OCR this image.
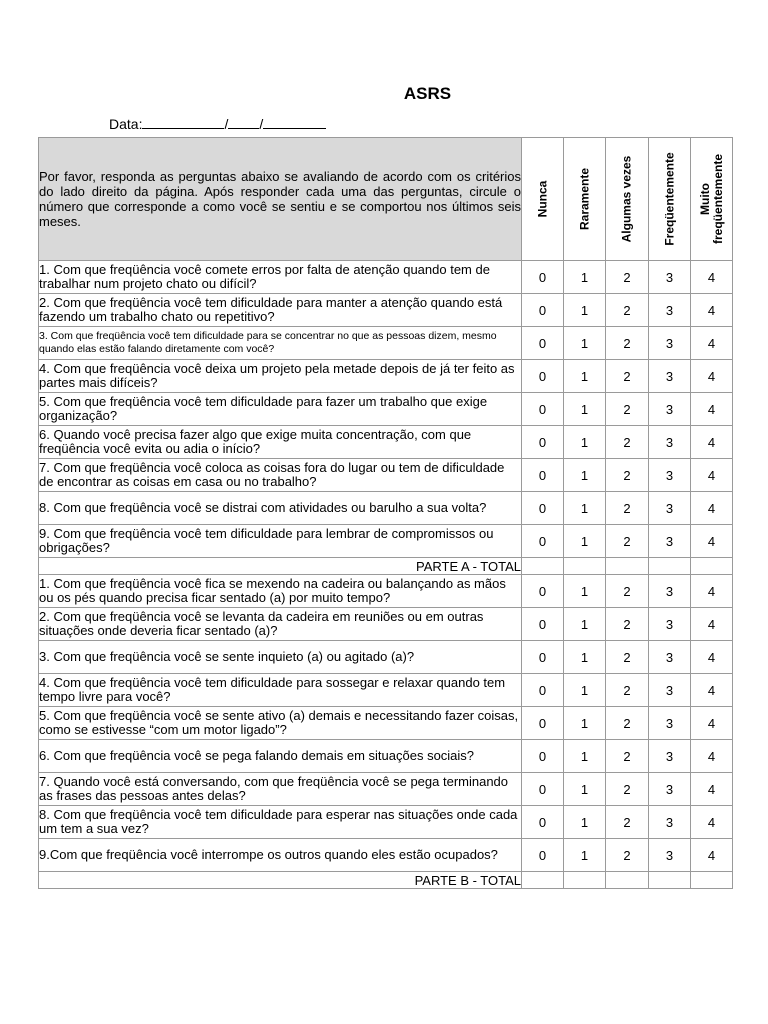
ASRS
Data:	/ /
Por favor, responda as perguntas abaixo se avaliando de acordo com os critérios do lado direito da página. Após responder cada uma das perguntas, circule o número que corresponde a como você se sentiu e se comportou nos últimos seis meses.	Nunca	Raramente	Algumas vezes	Freqüentemente	Muito
freqüentemente

1. Com que freqüência você comete erros por falta de atenção quando tem de trabalhar num projeto chato ou difícil?	0	1	2	3	4
2. Com que freqüência você tem dificuldade para manter a atenção quando está fazendo um trabalho chato ou repetitivo?	0	1	2	3	4
3. Com que freqüência você tem dificuldade para se concentrar no que as pessoas dizem, mesmo quando elas estão falando diretamente com você?	0	1	2	3	4
4. Com que freqüência você deixa um projeto pela metade depois de já ter feito as partes mais difíceis?	0	1	2	3	4
5. Com que freqüência você tem dificuldade para fazer um trabalho que exige organização?	0	1	2	3	4
6. Quando você precisa fazer algo que exige muita concentração, com que freqüência você evita ou adia o início?	0	1	2	3	4
7. Com que freqüência você coloca as coisas fora do lugar ou tem de dificuldade de encontrar as coisas em casa ou no trabalho?	0	1	2	3	4
8. Com que freqüência você se distrai com atividades ou barulho a sua volta?	0	1	2	3	4
9. Com que freqüência você tem dificuldade para lembrar de compromissos ou obrigações?	0	1	2	3	4
PARTE A - TOTAL					
1. Com que freqüência você fica se mexendo na cadeira ou balançando as mãos ou os pés quando precisa ficar sentado (a) por muito tempo?	0	1	2	3	4
2. Com que freqüência você se levanta da cadeira em reuniões ou em outras situações onde deveria ficar sentado (a)?	0	1	2	3	4
3. Com que freqüência você se sente inquieto (a) ou agitado (a)?	0	1	2	3	4
4. Com que freqüência você tem dificuldade para sossegar e relaxar quando tem tempo livre para você?	0	1	2	3	4
5. Com que freqüência você se sente ativo (a) demais e necessitando fazer coisas, como se estivesse “com um motor ligado”?	0	1	2	3	4
6. Com que freqüência você se pega falando demais em situações sociais?	0	1	2	3	4
7. Quando você está conversando, com que freqüência você se pega terminando as frases das pessoas antes delas?	0	1	2	3	4
8. Com que freqüência você tem dificuldade para esperar nas situações onde cada um tem a sua vez?	0	1	2	3	4
9.Com que freqüência você interrompe os outros quando eles estão ocupados?	0	1	2	3	4
PARTE B - TOTAL					
